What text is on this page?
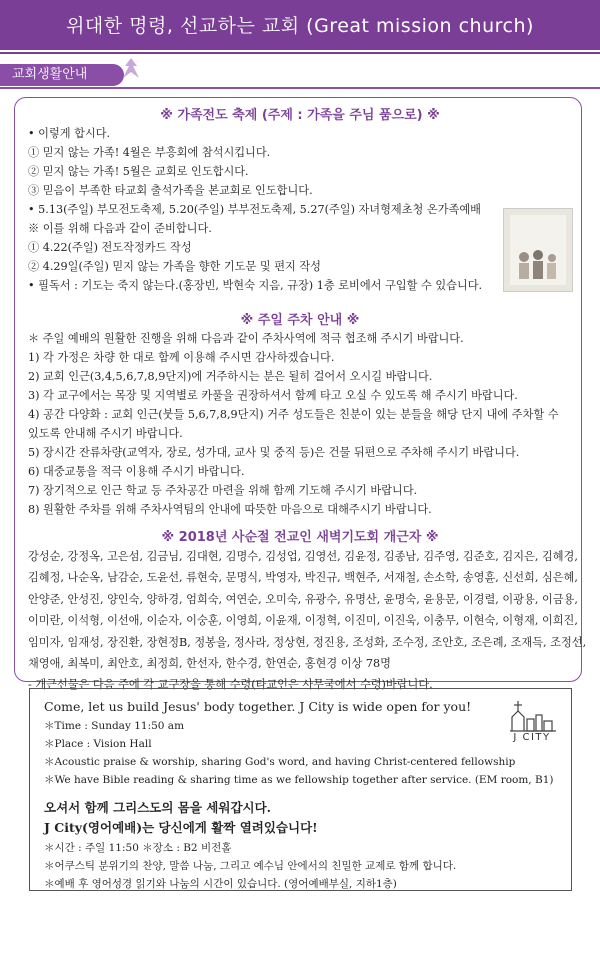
위대한 명령, 선교하는 교회 (Great mission church)
교회생활안내
※ 가족전도 축제 (주제 : 가족을 주님 품으로) ※
• 이렇게 합시다.
① 믿지 않는 가족! 4월은 부흥회에 참석시킵니다.
② 믿지 않는 가족! 5월은 교회로 인도합시다.
③ 믿음이 부족한 타교회 출석가족을 본교회로 인도합니다.
• 5.13(주일) 부모전도축제, 5.20(주일) 부부전도축제, 5.27(주일) 자녀형제초청 온가족예배
※ 이를 위해 다음과 같이 준비합니다.
① 4.22(주일) 전도작정카드 작성
② 4.29일(주일) 믿지 않는 가족을 향한 기도문 및 편지 작성
• 필독서 : 기도는 죽지 않는다.(홍장빈, 박현숙 지음, 규장) 1층 로비에서 구입할 수 있습니다.
※ 주일 주차 안내 ※
＊ 주일 예배의 원활한 진행을 위해 다음과 같이 주차사역에 적극 협조해 주시기 바랍니다.
1) 각 가정은 차량 한 대로 함께 이용해 주시면 감사하겠습니다.
2) 교회 인근(3,4,5,6,7,8,9단지)에 거주하시는 분은 될히 걸어서 오시길 바랍니다.
3) 각 교구에서는 목장 및 지역별로 카풀을 권장하셔서 함께 타고 오실 수 있도록 해 주시기 바랍니다.
4) 공간 다양화 : 교회 인근(붓들 5,6,7,8,9단지) 거주 성도들은 친분이 있는 분들을 해당 단지 내에 주차할 수
있도록 안내해 주시기 바랍니다.
5) 장시간 잔류차량(교역자, 장로, 성가대, 교사 및 중직 등)은 건물 뒤편으로 주차해 주시기 바랍니다.
6) 대중교통을 적극 이용해 주시기 바랍니다.
7) 장기적으로 인근 학교 등 주차공간 마련을 위해 함께 기도해 주시기 바랍니다.
8) 원활한 주차를 위해 주차사역팀의 안내에 따뜻한 마음으로 대해주시기 바랍니다.
※ 2018년 사순절 전교인 새벽기도회 개근자 ※
강성순, 강정옥, 고은섬, 김금님, 김대현, 김명수, 김성업, 김영선, 김윤정, 김종남, 김주영, 김준호, 김지은, 김혜경,
김혜정, 나순옥, 남감순, 도윤선, 류현숙, 문명식, 박영자, 박진규, 백현주, 서재철, 손소학, 송영휸, 신선희, 심은혜,
안양준, 안성진, 양인숙, 양하경, 엄희숙, 여연순, 오미숙, 유광수, 유명산, 윤명숙, 윤용문, 이경렬, 이광용, 이금용,
이미란, 이석형, 이선애, 이순자, 이숭훈, 이영희, 이윤재, 이정혁, 이진미, 이진욱, 이충무, 이현숙, 이형재, 이희진,
임미자, 임재성, 장진환, 장현정B, 정봉을, 정사라, 정상현, 정진용, 조성화, 조수정, 조안호, 조은례, 조재득, 조정선,
채영애, 최복미, 최안호, 최정희, 한선자, 한수경, 한연순, 홍현경 이상 78명
- 개근선물은 다음 주에 각 교구장을 통해 수령(타교인은 사무국에서 수령)바랍니다.
Come, let us build Jesus' body together. J City is wide open for you!
＊Time : Sunday 11:50 am
＊Place : Vision Hall
＊Acoustic praise & worship, sharing God's word, and having Christ-centered fellowship
＊We have Bible reading & sharing time as we fellowship together after service. (EM room, B1)
오셔서 함께 그리스도의 몸을 세워갑시다.
J City(영어예배)는 당신에게 활짝 열려있습니다!
＊시간 : 주일 11:50 ＊장소 : B2 비전홀
＊어쿠스틱 분위기의 찬양, 말씀 나눔, 그리고 예수님 안에서의 친밀한 교제로 함께 합니다.
＊예배 후 영어성경 읽기와 나눔의 시간이 있습니다. (영어예배부실, 지하1층)
J CITY
